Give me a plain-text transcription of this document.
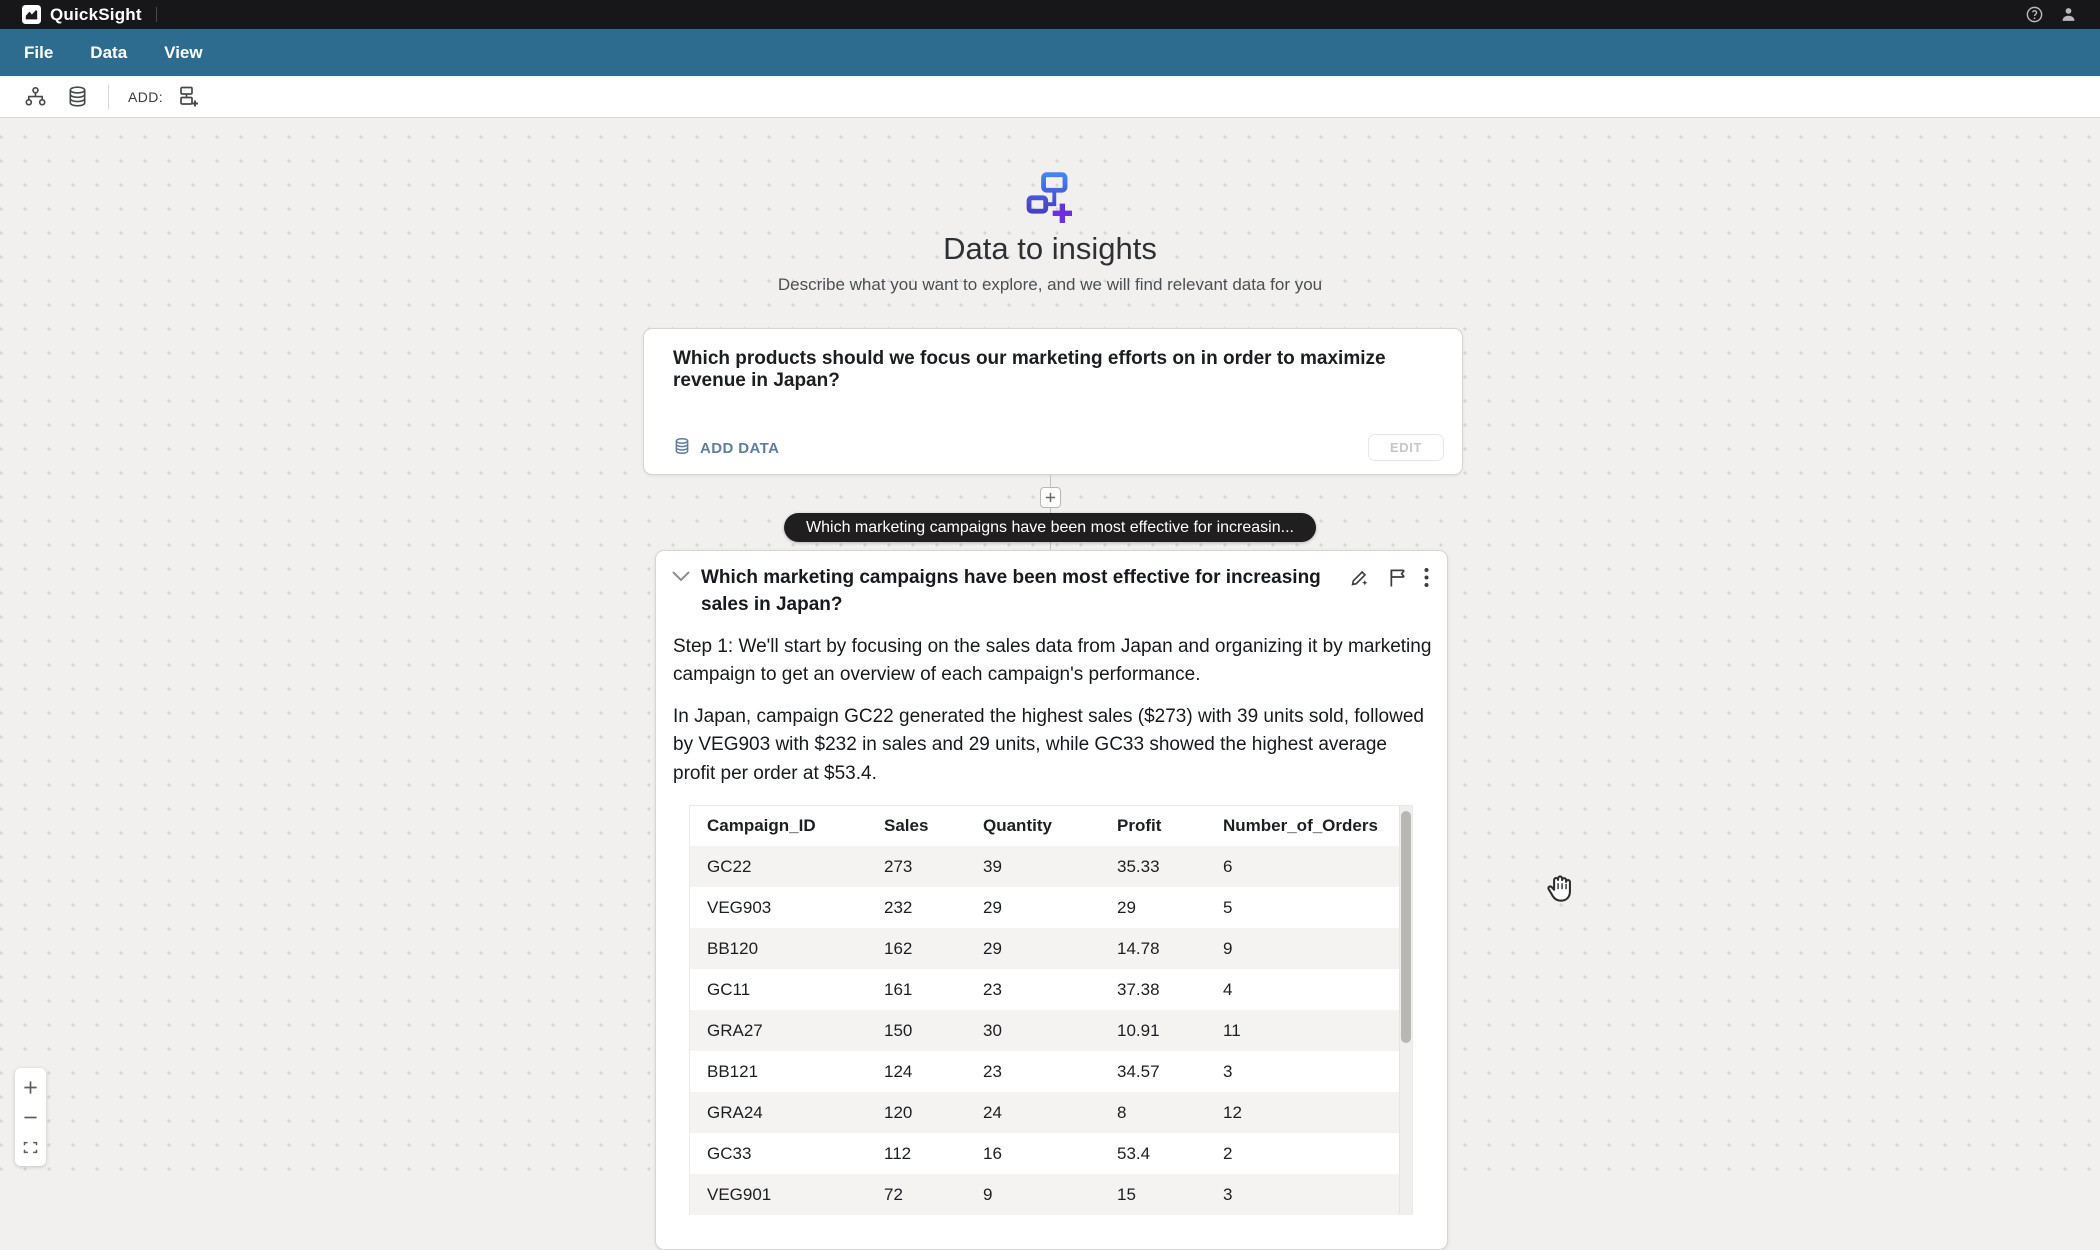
QuickSight
File Data View
ADD:
Data to insights
Describe what you want to explore, and we will find relevant data for you
Which products should we focus our marketing efforts on in order to maximize revenue in Japan?
ADD DATA	EDIT
Which marketing campaigns have been most effective for increasin...
Which marketing campaigns have been most effective for increasing sales in Japan?

Step 1: We'll start by focusing on the sales data from Japan and organizing it by marketing campaign to get an overview of each campaign's performance.

In Japan, campaign GC22 generated the highest sales ($273) with 39 units sold, followed by VEG903 with $232 in sales and 29 units, while GC33 showed the highest average profit per order at $53.4.

Campaign_ID	Sales	Quantity	Profit	Number_of_Orders
GC22	273	39	35.33	6
VEG903	232	29	29	5
BB120	162	29	14.78	9
GC11	161	23	37.38	4
GRA27	150	30	10.91	11
BB121	124	23	34.57	3
GRA24	120	24	8	12
GC33	112	16	53.4	2
VEG901	72	9	15	3
